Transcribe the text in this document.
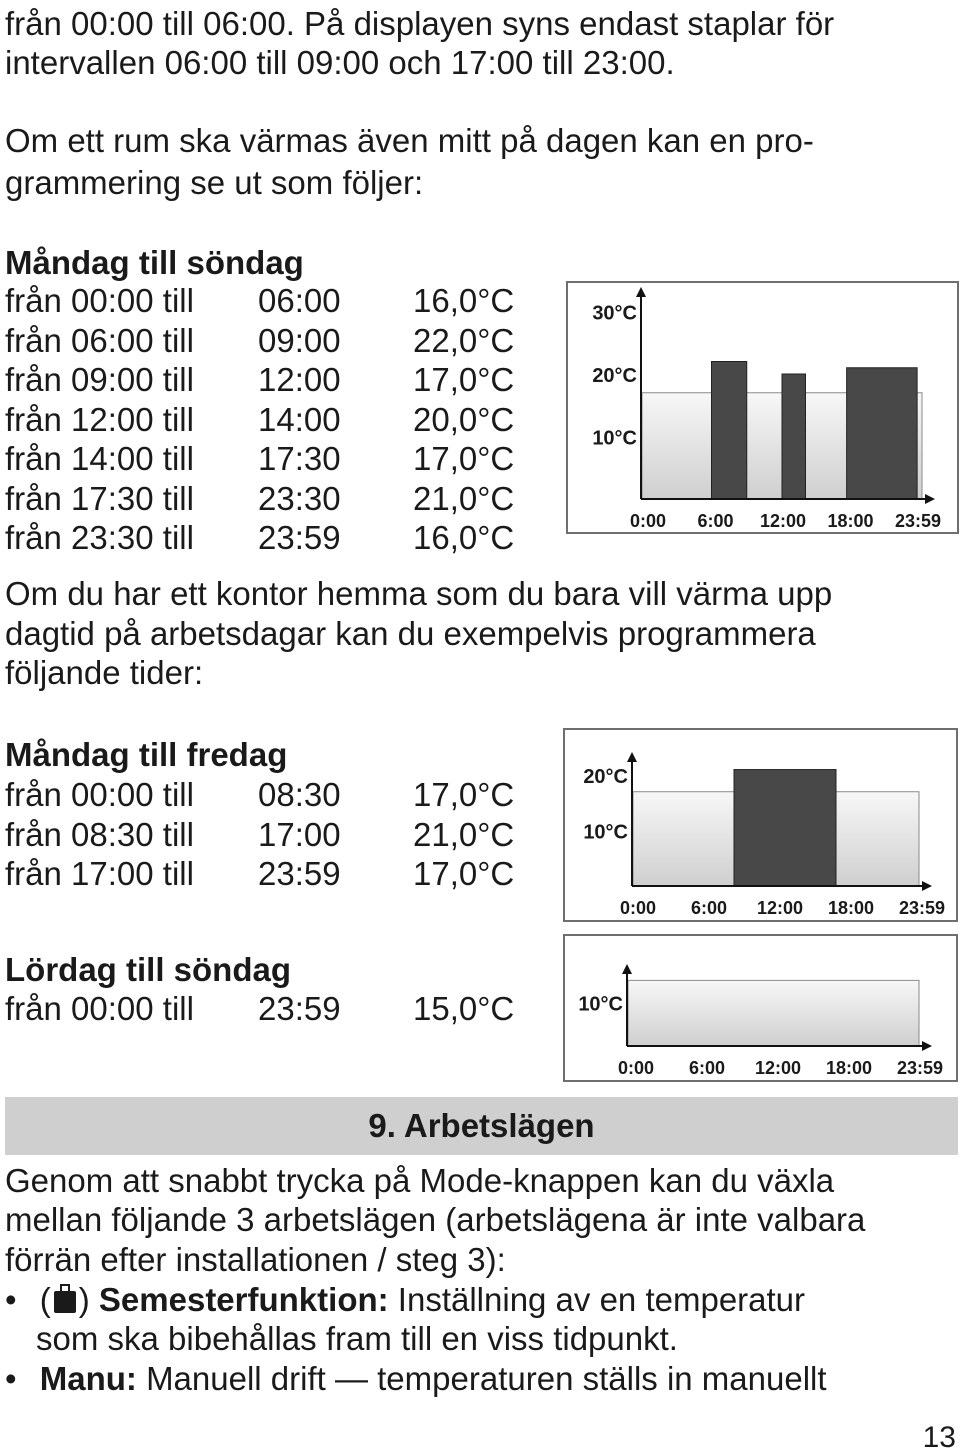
från 00:00 till 06:00. På displayen syns endast staplar för
intervallen 06:00 till 09:00 och 17:00 till 23:00.
Om ett rum ska värmas även mitt på dagen kan en pro-
grammering se ut som följer:
Måndag till söndag
från 00:00 till 06:00 16,0°C
från 06:00 till 09:00 22,0°C
från 09:00 till 12:00 17,0°C
från 12:00 till 14:00 20,0°C
från 14:00 till 17:30 17,0°C
från 17:30 till 23:30 21,0°C
från 23:30 till 23:59 16,0°C
10°C
20°C
30°C
0:00 6:00 12:00 18:00 23:59
Om du har ett kontor hemma som du bara vill värma upp
dagtid på arbetsdagar kan du exempelvis programmera
följande tider:
Måndag till fredag
från 00:00 till 08:30 17,0°C
från 08:30 till 17:00 21,0°C
från 17:00 till 23:59 17,0°C
10°C
20°C
0:00 6:00 12:00 18:00 23:59
Lördag till söndag
från 00:00 till 23:59 15,0°C	10°C
0:00 6:00 12:00 18:00 23:59
9. Arbetslägen
Genom att snabbt trycka på Mode-knappen kan du växla
mellan följande 3 arbetslägen (arbetslägena är inte valbara
förrän efter installationen / steg 3):
• ( ) Semesterfunktion: Inställning av en temperatur
som ska bibehållas fram till en viss tidpunkt.
• Manu: Manuell drift — temperaturen ställs in manuellt
13
